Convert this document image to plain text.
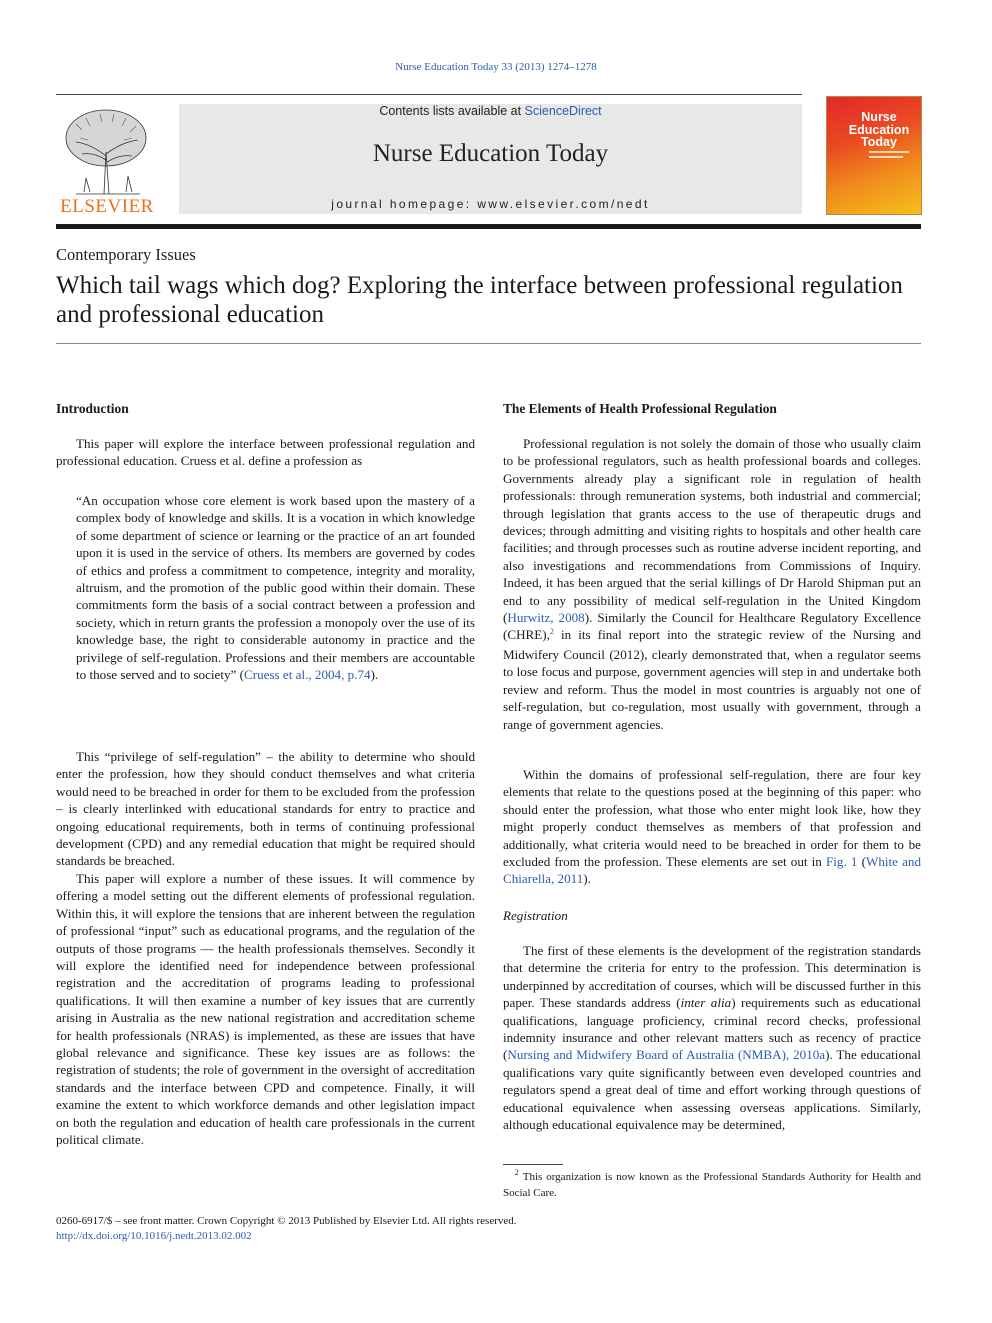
Nurse Education Today 33 (2013) 1274–1278
ELSEVIER
Contents lists available at ScienceDirect
Nurse Education Today
journal homepage: www.elsevier.com/nedt
Nurse Education Today
Contemporary Issues
Which tail wags which dog? Exploring the interface between professional regulation and professional education
Introduction

This paper will explore the interface between professional regulation and professional education. Cruess et al. define a profession as

“An occupation whose core element is work based upon the mastery of a complex body of knowledge and skills. It is a vocation in which knowledge of some department of science or learning or the practice of an art founded upon it is used in the service of others. Its members are governed by codes of ethics and profess a commitment to competence, integrity and morality, altruism, and the promotion of the public good within their domain. These commitments form the basis of a social contract between a profession and society, which in return grants the profession a monopoly over the use of its knowledge base, the right to considerable autonomy in practice and the privilege of self-regulation. Professions and their members are accountable to those served and to society” (Cruess et al., 2004, p.74).

This “privilege of self-regulation” – the ability to determine who should enter the profession, how they should conduct themselves and what criteria would need to be breached in order for them to be excluded from the profession – is clearly interlinked with educational standards for entry to practice and ongoing educational requirements, both in terms of continuing professional development (CPD) and any remedial education that might be required should standards be breached.

This paper will explore a number of these issues. It will commence by offering a model setting out the different elements of professional regulation. Within this, it will explore the tensions that are inherent between the regulation of professional “input” such as educational programs, and the regulation of the outputs of those programs — the health professionals themselves. Secondly it will explore the identified need for independence between professional registration and the accreditation of programs leading to professional qualifications. It will then examine a number of key issues that are currently arising in Australia as the new national registration and accreditation scheme for health professionals (NRAS) is implemented, as these are issues that have global relevance and significance. These key issues are as follows: the registration of students; the role of government in the oversight of accreditation standards and the interface between CPD and competence. Finally, it will examine the extent to which workforce demands and other legislation impact on both the regulation and education of health care professionals in the current political climate.

The Elements of Health Professional Regulation

Professional regulation is not solely the domain of those who usually claim to be professional regulators, such as health professional boards and colleges. Governments already play a significant role in regulation of health professionals: through remuneration systems, both industrial and commercial; through legislation that grants access to the use of therapeutic drugs and devices; through admitting and visiting rights to hospitals and other health care facilities; and through processes such as routine adverse incident reporting, and also investigations and recommendations from Commissions of Inquiry. Indeed, it has been argued that the serial killings of Dr Harold Shipman put an end to any possibility of medical self-regulation in the United Kingdom (Hurwitz, 2008). Similarly the Council for Healthcare Regulatory Excellence (CHRE),$^2$ in its final report into the strategic review of the Nursing and Midwifery Council (2012), clearly demonstrated that, when a regulator seems to lose focus and purpose, government agencies will step in and undertake both review and reform. Thus the model in most countries is arguably not one of self-regulation, but co-regulation, most usually with government, through a range of government agencies.

Within the domains of professional self-regulation, there are four key elements that relate to the questions posed at the beginning of this paper: who should enter the profession, what those who enter might look like, how they might properly conduct themselves as members of that profession and additionally, what criteria would need to be breached in order for them to be excluded from the profession. These elements are set out in Fig. 1 (White and Chiarella, 2011).

Registration

The first of these elements is the development of the registration standards that determine the criteria for entry to the profession. This determination is underpinned by accreditation of courses, which will be discussed further in this paper. These standards address (inter alia) requirements such as educational qualifications, language proficiency, criminal record checks, professional indemnity insurance and other relevant matters such as recency of practice (Nursing and Midwifery Board of Australia (NMBA), 2010a). The educational qualifications vary quite significantly between even developed countries and regulators spend a great deal of time and effort working through questions of educational equivalence when assessing overseas applications. Similarly, although educational equivalence may be determined,

$^2$ This organization is now known as the Professional Standards Authority for Health and Social Care.
0260-6917/$ – see front matter. Crown Copyright © 2013 Published by Elsevier Ltd. All rights reserved.
http://dx.doi.org/10.1016/j.nedt.2013.02.002
